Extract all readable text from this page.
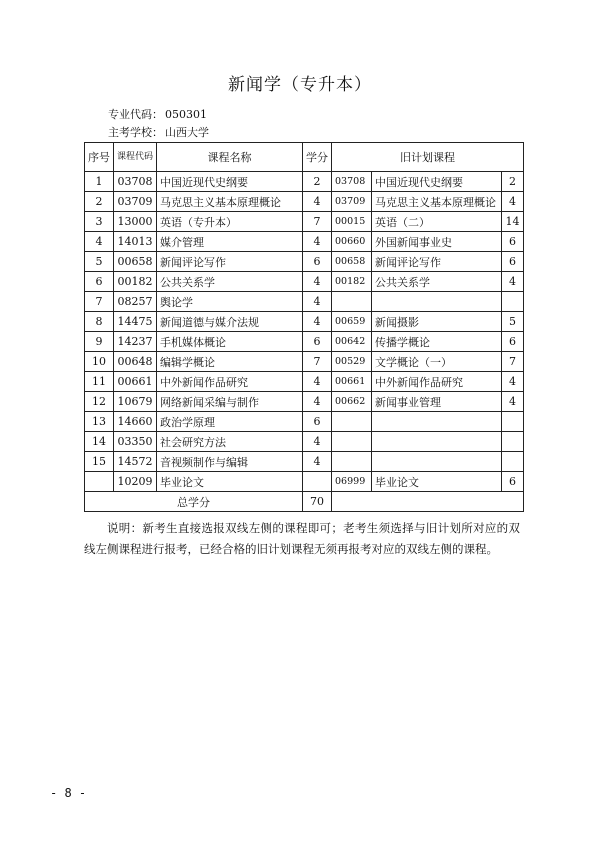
新闻学（专升本）
专业代码： 050301
主考学校： 山西大学
序号	课程代码	课程名称	学分	旧计划课程		
1	03708	中国近现代史纲要	2	03708	中国近现代史纲要	2
2	03709	马克思主义基本原理概论	4	03709	马克思主义基本原理概论	4
3	13000	英语（专升本）	7	00015	英语（二）	14
4	14013	媒介管理	4	00660	外国新闻事业史	6
5	00658	新闻评论写作	6	00658	新闻评论写作	6
6	00182	公共关系学	4	00182	公共关系学	4
7	08257	舆论学	4			
8	14475	新闻道德与媒介法规	4	00659	新闻摄影	5
9	14237	手机媒体概论	6	00642	传播学概论	6
10	00648	编辑学概论	7	00529	文学概论（一）	7
11	00661	中外新闻作品研究	4	00661	中外新闻作品研究	4
12	10679	网络新闻采编与制作	4	00662	新闻事业管理	4
13	14660	政治学原理	6			
14	03350	社会研究方法	4			
15	14572	音视频制作与编辑	4			
	10209	毕业论文		06999	毕业论文	6
总学分			70			
说明：新考生直接选报双线左侧的课程即可；老考生须选择与旧计划所对应的双线左侧课程进行报考，已经合格的旧计划课程无须再报考对应的双线左侧的课程。
- 8 -
